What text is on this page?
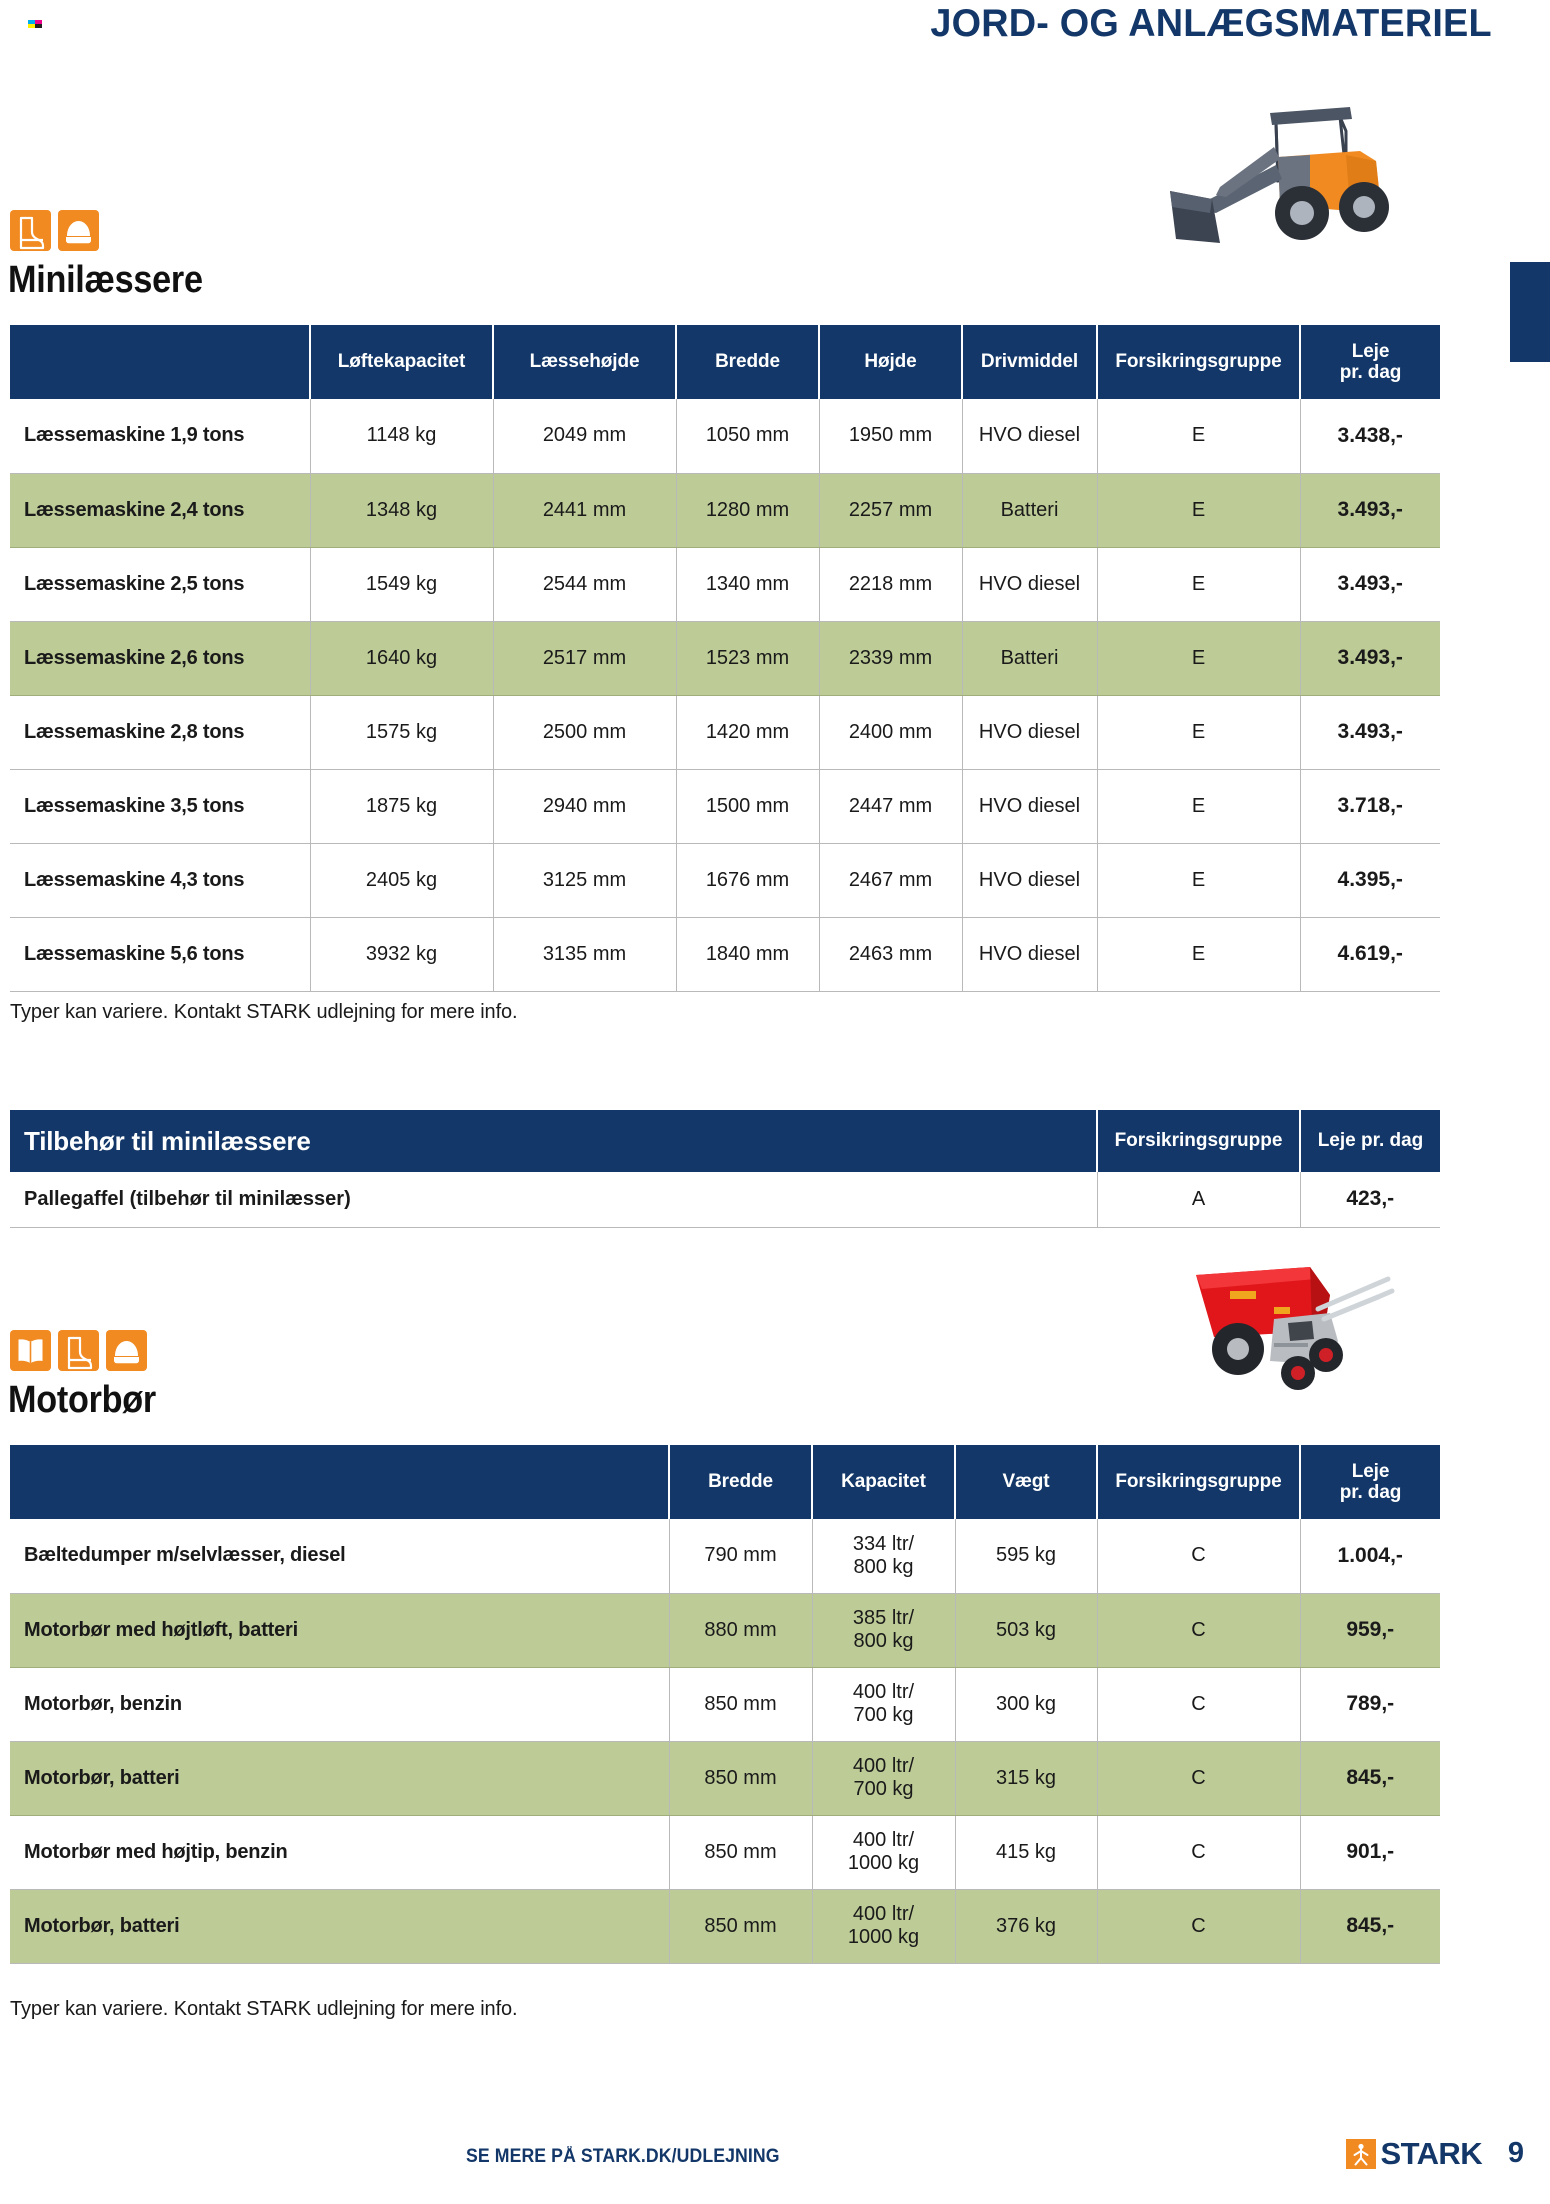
JORD- OG ANLÆGSMATERIEL
Minilæssere
	Løftekapacitet	Læssehøjde	Bredde	Højde	Drivmiddel	Forsikringsgruppe	Leje
pr. dag

Læssemaskine 1,9 tons	1148 kg	2049 mm	1050 mm	1950 mm	HVO diesel	E	3.438,-
Læssemaskine 2,4 tons	1348 kg	2441 mm	1280 mm	2257 mm	Batteri	E	3.493,-
Læssemaskine 2,5 tons	1549 kg	2544 mm	1340 mm	2218 mm	HVO diesel	E	3.493,-
Læssemaskine 2,6 tons	1640 kg	2517 mm	1523 mm	2339 mm	Batteri	E	3.493,-
Læssemaskine 2,8 tons	1575 kg	2500 mm	1420 mm	2400 mm	HVO diesel	E	3.493,-
Læssemaskine 3,5 tons	1875 kg	2940 mm	1500 mm	2447 mm	HVO diesel	E	3.718,-
Læssemaskine 4,3 tons	2405 kg	3125 mm	1676 mm	2467 mm	HVO diesel	E	4.395,-
Læssemaskine 5,6 tons	3932 kg	3135 mm	1840 mm	2463 mm	HVO diesel	E	4.619,-
Typer kan variere. Kontakt STARK udlejning for mere info.
Tilbehør til minilæssere	Forsikringsgruppe	Leje pr. dag
Pallegaffel (tilbehør til minilæsser)	A	423,-
Motorbør
	Bredde	Kapacitet	Vægt	Forsikringsgruppe	Leje
pr. dag

Bæltedumper m/selvlæsser, diesel	790 mm	334 ltr/
800 kg	595 kg	C	1.004,-
Motorbør med højtløft, batteri	880 mm	385 ltr/
800 kg	503 kg	C	959,-
Motorbør, benzin	850 mm	400 ltr/
700 kg	300 kg	C	789,-
Motorbør, batteri	850 mm	400 ltr/
700 kg	315 kg	C	845,-
Motorbør med højtip, benzin	850 mm	400 ltr/
1000 kg	415 kg	C	901,-
Motorbør, batteri	850 mm	400 ltr/
1000 kg	376 kg	C	845,-
Typer kan variere. Kontakt STARK udlejning for mere info.
SE MERE PÅ STARK.DK/UDLEJNING	STARK 9
